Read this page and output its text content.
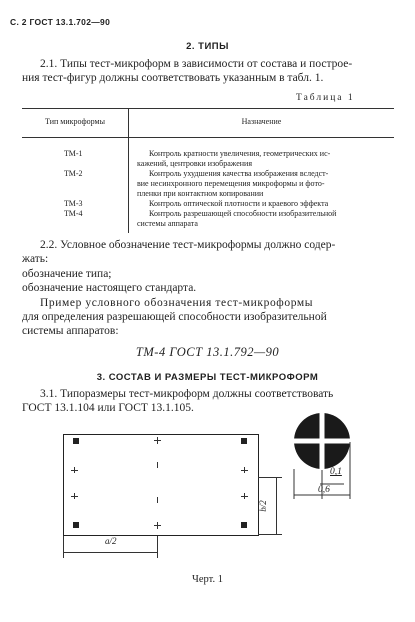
С. 2 ГОСТ 13.1.702—90
2. ТИПЫ
2.1. Типы тест-микроформ в зависимости от состава и построе-
ния тест-фигур должны соответствовать указанным в табл. 1.
Таблица 1
Тип микроформы	Назначение
ТМ-1	Контроль кратности увеличения, геометрических ис-
кажений, центровки изображения
ТМ-2	Контроль ухудшения качества изображения вследст-
вие несинхронного перемещения микроформы и фото-
пленки при контактном копировании
ТМ-3	Контроль оптической плотности и краевого эффекта
ТМ-4	Контроль разрешающей способности изобразительной
системы аппарата
2.2. Условное обозначение тест-микроформы должно содер-
жать:
обозначение типа;
обозначение настоящего стандарта.
Пример условного обозначения тест-микроформы
для определения разрешающей способности изобразительной
системы аппаратов:
ТМ-4 ГОСТ 13.1.792—90
3. СОСТАВ И РАЗМЕРЫ ТЕСТ-МИКРОФОРМ
3.1. Типоразмеры тест-микроформ должны соответствовать
ГОСТ 13.1.104 или ГОСТ 13.1.105.
b/2
a/2
0,1
0,6
Черт. 1
